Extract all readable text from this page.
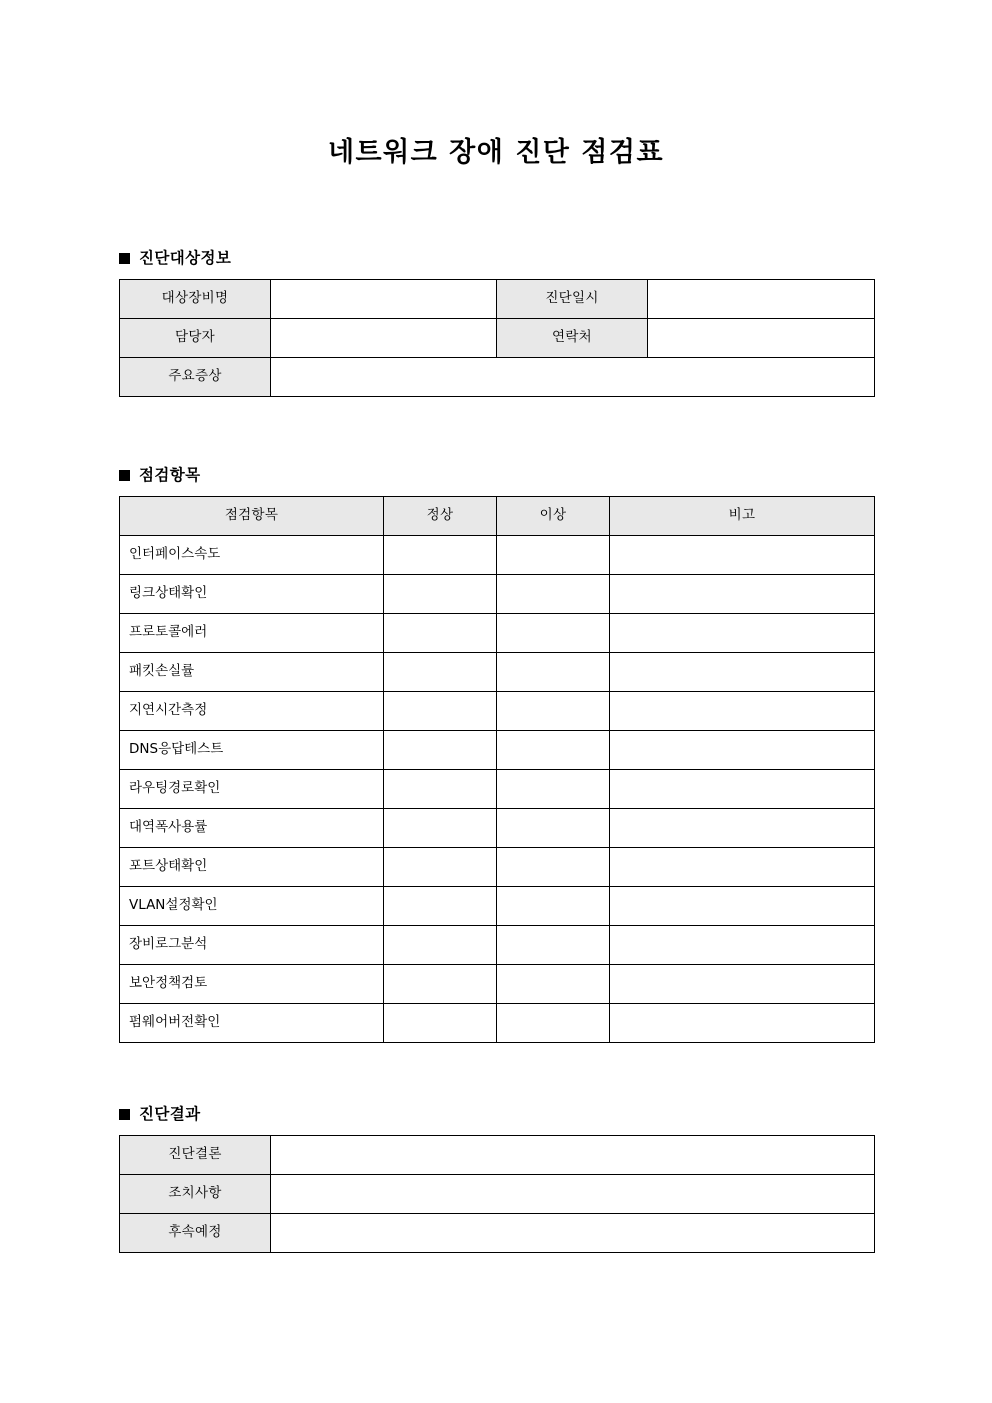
네트워크 장애 진단 점검표
진단대상정보
대상장비명		진단일시	
담당자		연락처	
주요증상			
점검항목
점검항목	정상	이상	비고
인터페이스속도			
링크상태확인			
프로토콜에러			
패킷손실률			
지연시간측정			
DNS응답테스트			
라우팅경로확인			
대역폭사용률			
포트상태확인			
VLAN설정확인			
장비로그분석			
보안정책검토			
펌웨어버전확인			
진단결과
진단결론	
조치사항	
후속예정	
